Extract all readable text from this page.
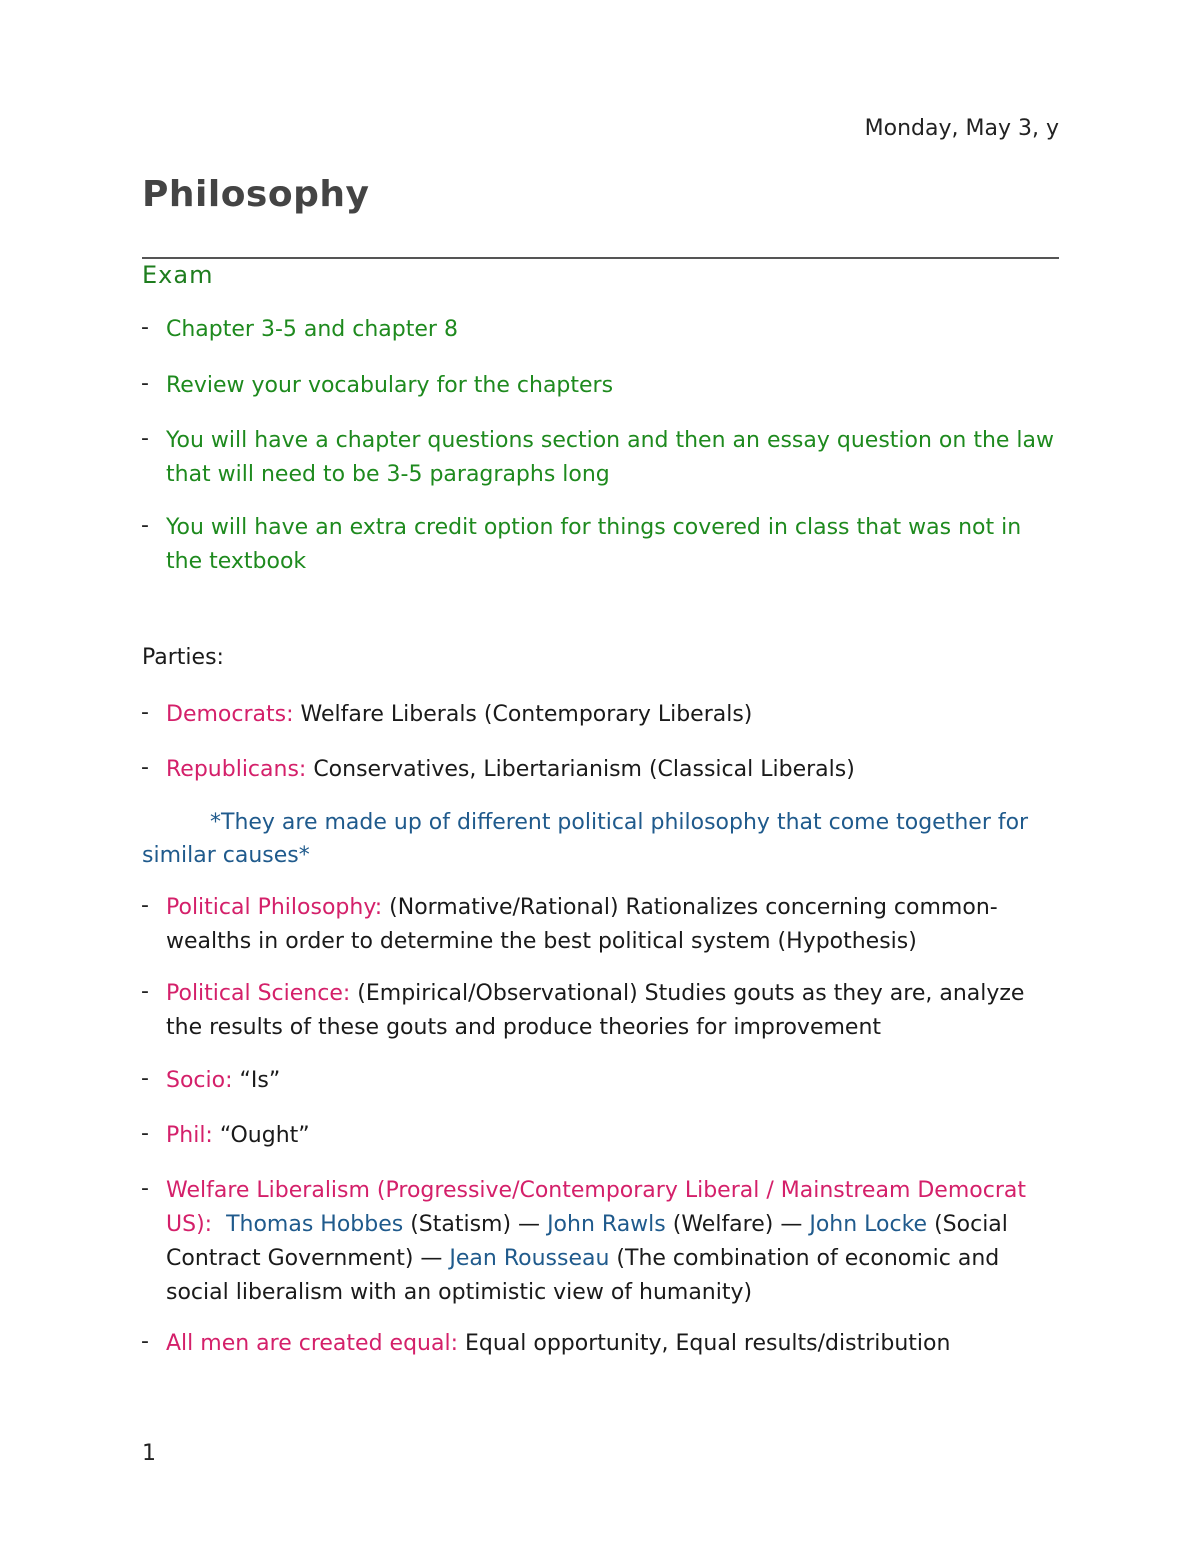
Monday, May 3, y
Philosophy
Exam
- Chapter 3-5 and chapter 8
- Review your vocabulary for the chapters
- You will have a chapter questions section and then an essay question on the law that will need to be 3-5 paragraphs long
- You will have an extra credit option for things covered in class that was not in the textbook
Parties:
- Democrats: Welfare Liberals (Contemporary Liberals)
- Republicans: Conservatives, Libertarianism (Classical Liberals)
*They are made up of different political philosophy that come together for similar causes*
- Political Philosophy: (Normative/Rational) Rationalizes concerning common-wealths in order to determine the best political system (Hypothesis)
- Political Science: (Empirical/Observational) Studies gouts as they are, analyze the results of these gouts and produce theories for improvement
- Socio: “Is”
- Phil: “Ought”
- Welfare Liberalism (Progressive/Contemporary Liberal / Mainstream Democrat US): Thomas Hobbes (Statism) — John Rawls (Welfare) — John Locke (Social Contract Government) — Jean Rousseau (The combination of economic and social liberalism with an optimistic view of humanity)
- All men are created equal: Equal opportunity, Equal results/distribution
1
